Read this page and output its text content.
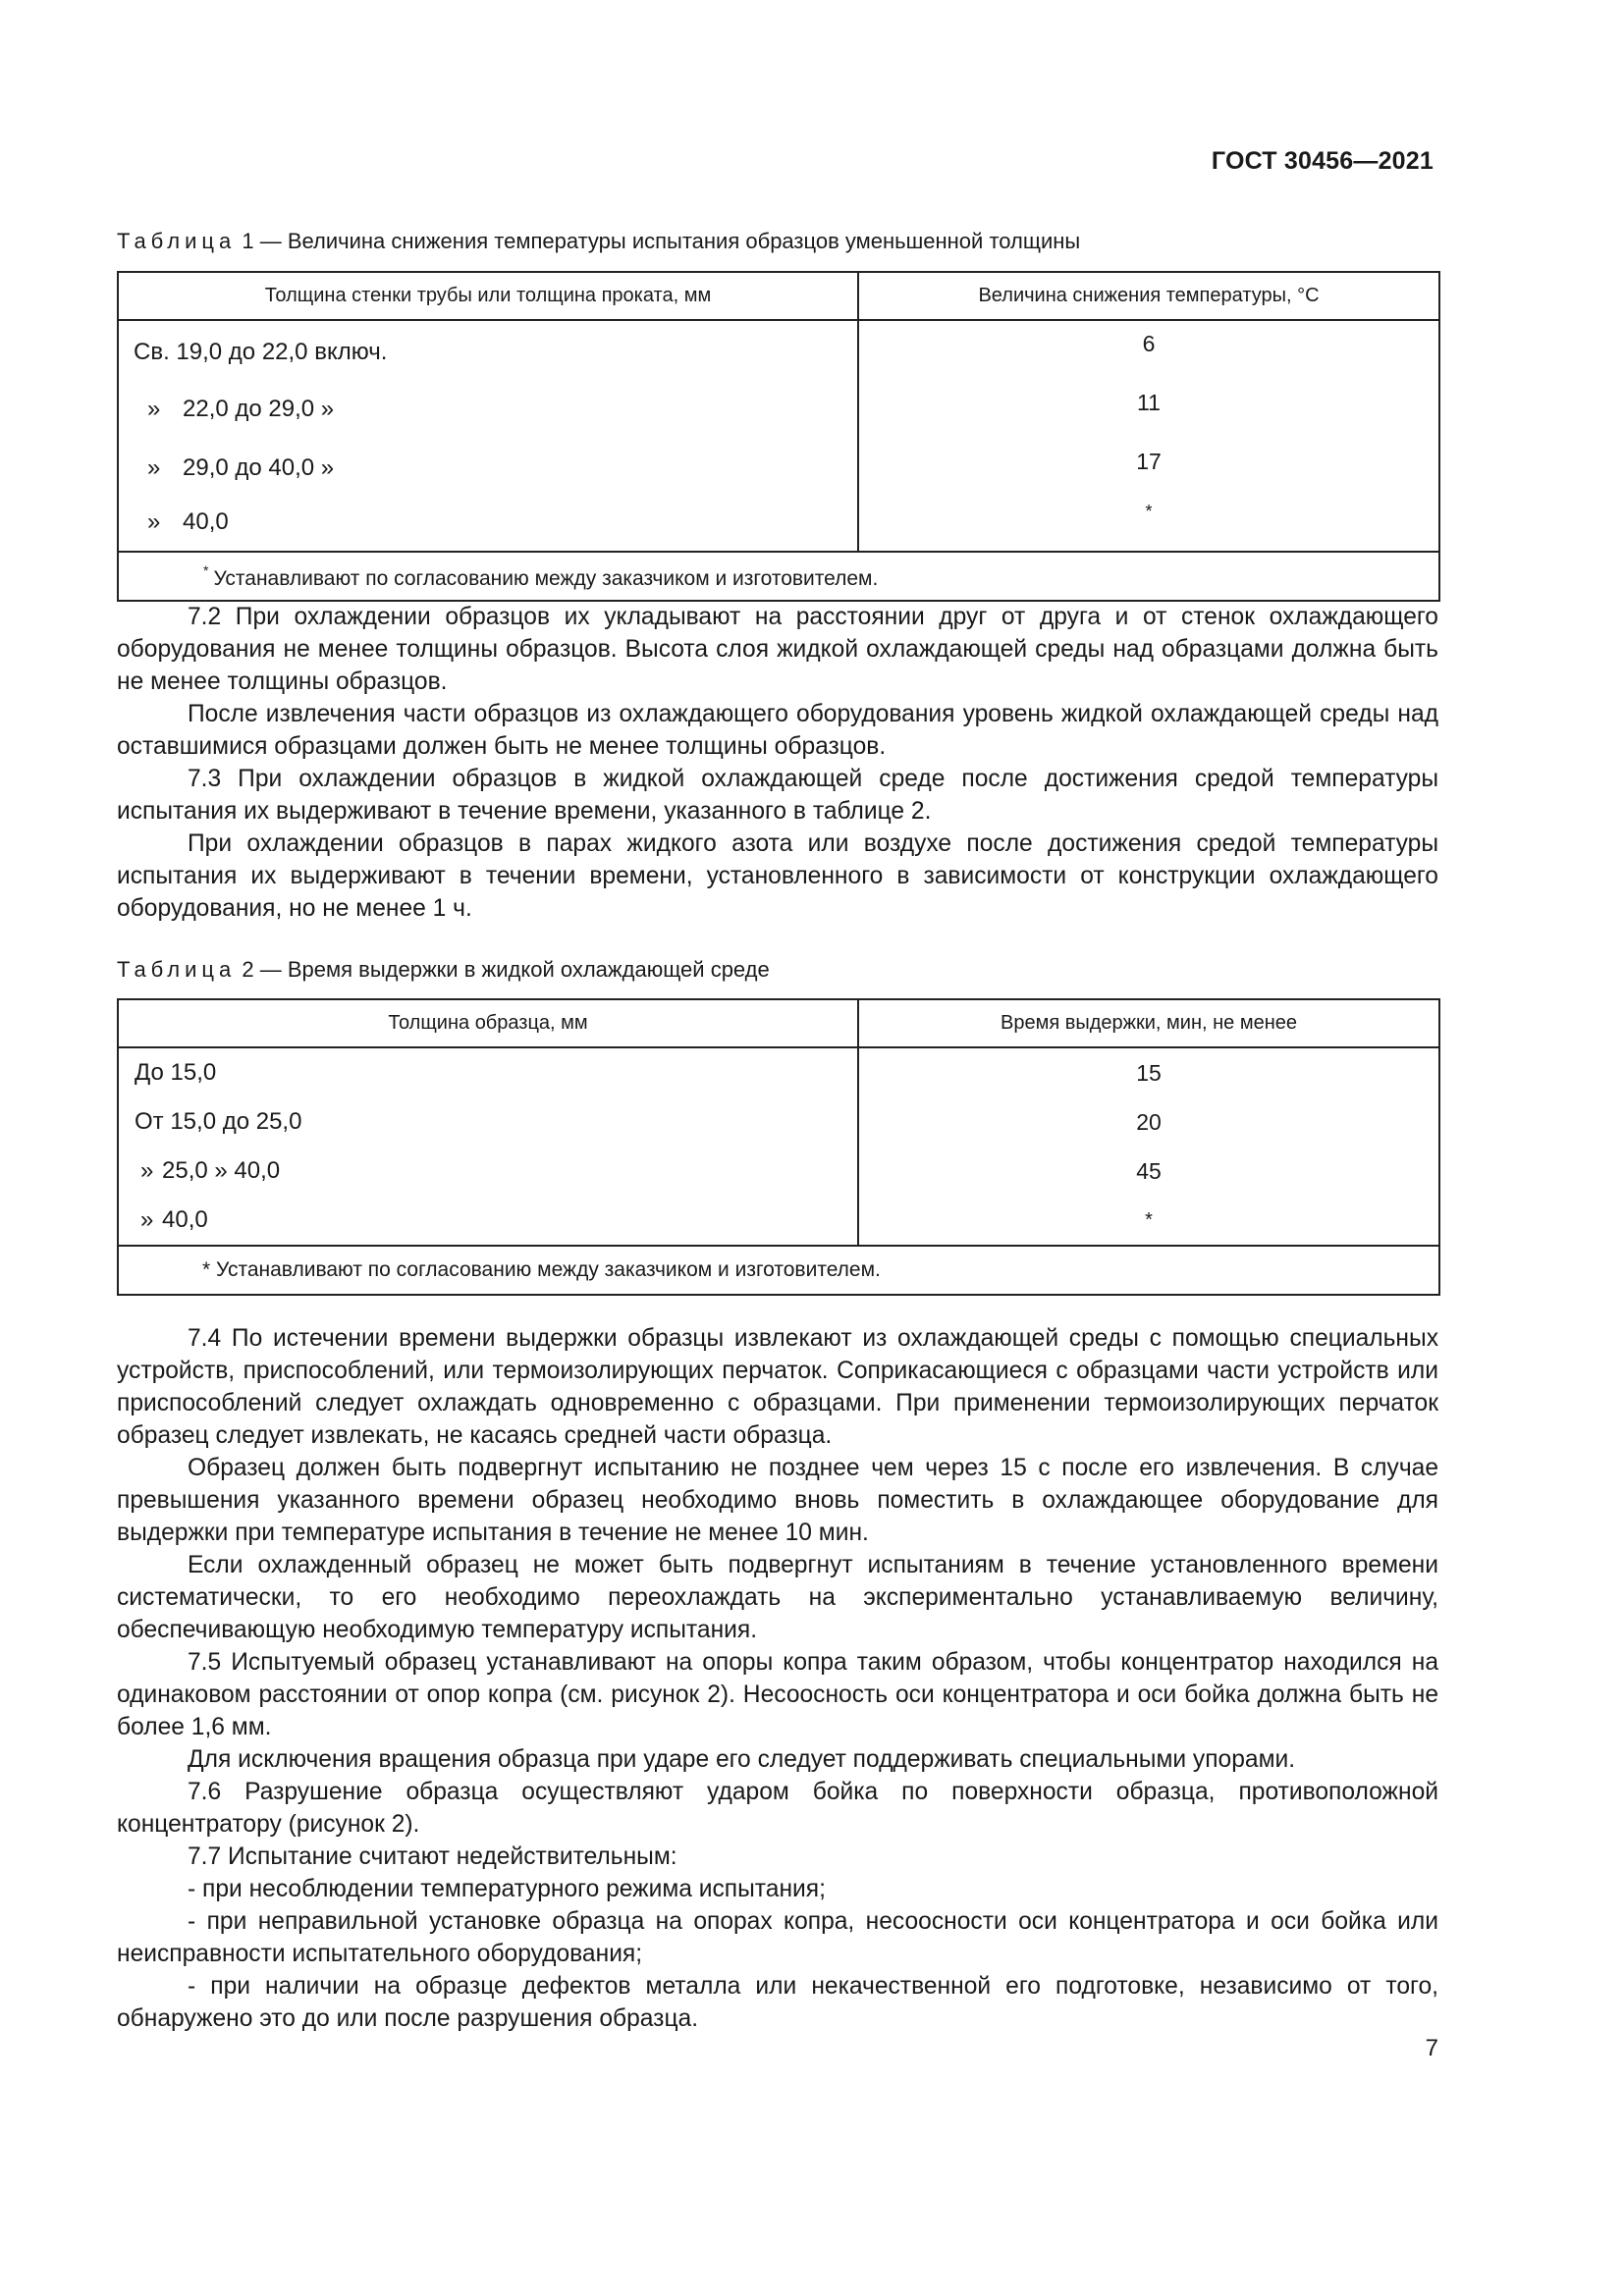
ГОСТ 30456—2021
Таблица 1 — Величина снижения температуры испытания образцов уменьшенной толщины
Толщина стенки трубы или толщина проката, мм	Величина снижения температуры, °С
Св. 19,0 до 22,0 включ.	6
» 22,0 до 29,0 »	11
» 29,0 до 40,0 »	17
» 40,0	*
* Устанавливают по согласованию между заказчиком и изготовителем.	

7.2 При охлаждении образцов их укладывают на расстоянии друг от друга и от стенок охлаждающего оборудования не менее толщины образцов. Высота слоя жидкой охлаждающей среды над образцами должна быть не менее толщины образцов.

После извлечения части образцов из охлаждающего оборудования уровень жидкой охлаждающей среды над оставшимися образцами должен быть не менее толщины образцов.

7.3 При охлаждении образцов в жидкой охлаждающей среде после достижения средой температуры испытания их выдерживают в течение времени, указанного в таблице 2.

При охлаждении образцов в парах жидкого азота или воздухе после достижения средой температуры испытания их выдерживают в течении времени, установленного в зависимости от конструкции охлаждающего оборудования, но не менее 1 ч.

Таблица 2 — Время выдержки в жидкой охлаждающей среде
Толщина образца, мм	Время выдержки, мин, не менее
До 15,0	15
От 15,0 до 25,0	20
» 25,0 » 40,0	45
» 40,0	*
* Устанавливают по согласованию между заказчиком и изготовителем.	

7.4 По истечении времени выдержки образцы извлекают из охлаждающей среды с помощью специальных устройств, приспособлений, или термоизолирующих перчаток. Соприкасающиеся с образцами части устройств или приспособлений следует охлаждать одновременно с образцами. При применении термоизолирующих перчаток образец следует извлекать, не касаясь средней части образца.

Образец должен быть подвергнут испытанию не позднее чем через 15 с после его извлечения. В случае превышения указанного времени образец необходимо вновь поместить в охлаждающее оборудование для выдержки при температуре испытания в течение не менее 10 мин.

Если охлажденный образец не может быть подвергнут испытаниям в течение установленного времени систематически, то его необходимо переохлаждать на экспериментально устанавливаемую величину, обеспечивающую необходимую температуру испытания.

7.5 Испытуемый образец устанавливают на опоры копра таким образом, чтобы концентратор находился на одинаковом расстоянии от опор копра (см. рисунок 2). Несоосность оси концентратора и оси бойка должна быть не более 1,6 мм.

Для исключения вращения образца при ударе его следует поддерживать специальными упорами.

7.6 Разрушение образца осуществляют ударом бойка по поверхности образца, противоположной концентратору (рисунок 2).

7.7 Испытание считают недействительным:

- при несоблюдении температурного режима испытания;

- при неправильной установке образца на опорах копра, несоосности оси концентратора и оси бойка или неисправности испытательного оборудования;

- при наличии на образце дефектов металла или некачественной его подготовке, независимо от того, обнаружено это до или после разрушения образца.

7
